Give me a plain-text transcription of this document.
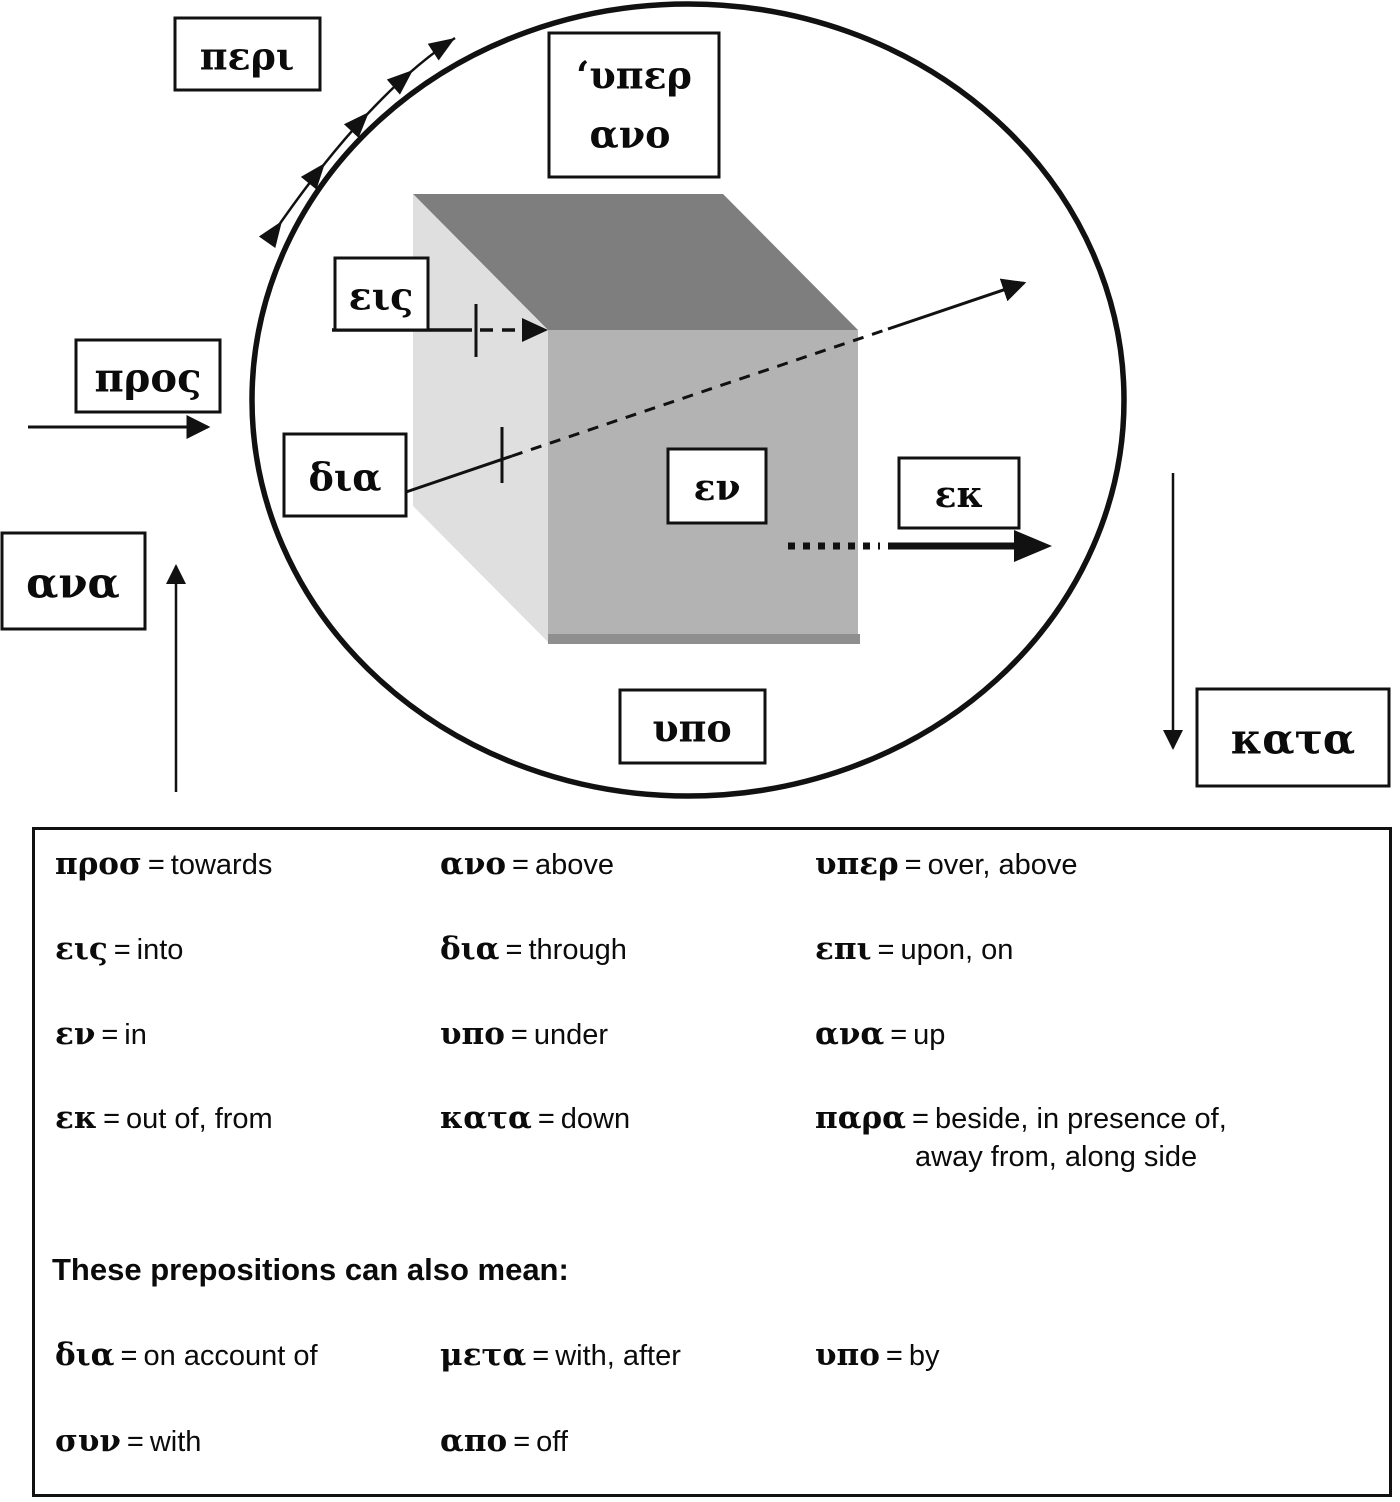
περι	ʻυπερ
ανο
εις
προς
δια	εν	εκ
ανα
υπο	κατα
προσ = towards	ανο = above	υπερ = over, above
εις = into	δια = through	επι = upon, on
εν = in	υπο = under	ανα = up
εκ = out of, from	κατα = down	παρα = beside, in presence of,
away from, along side
These prepositions can also mean:
δια = on account of	μετα = with, after	υπο = by
συν = with	απο = off
